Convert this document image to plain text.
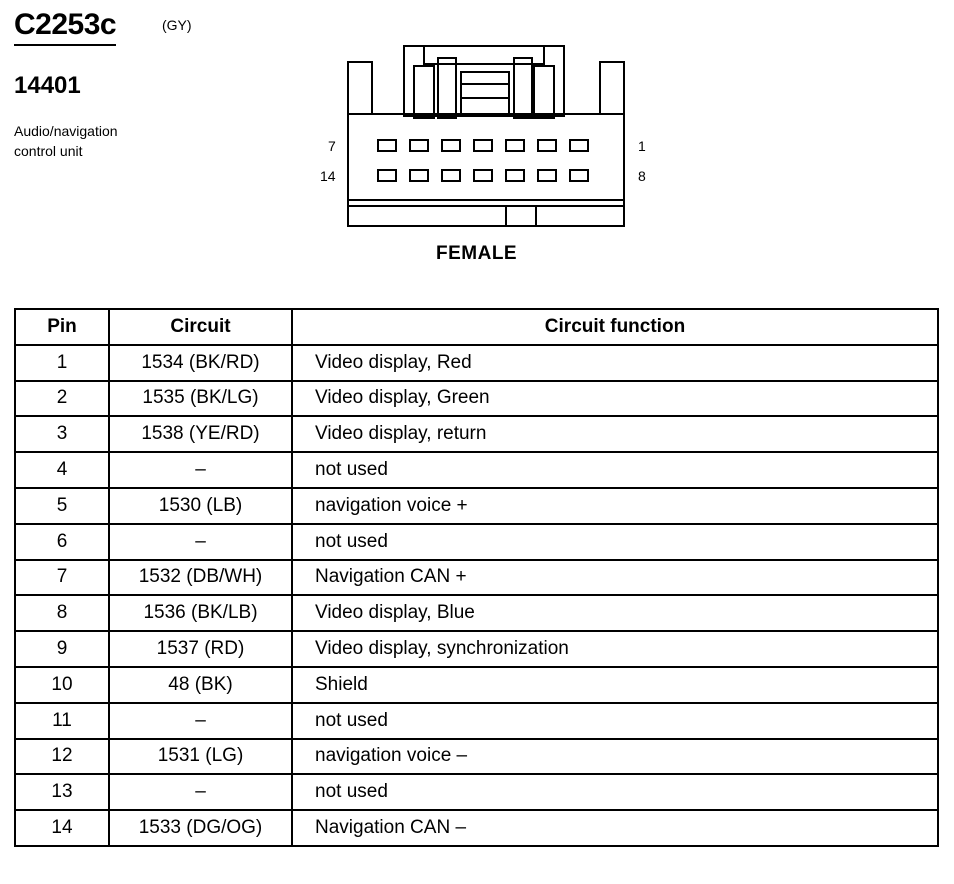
C2253c	(GY)
14401
Audio/navigation
control unit	7
14
1
8
FEMALE
Pin	Circuit	Circuit function
1	1534 (BK/RD)	Video display, Red
2	1535 (BK/LG)	Video display, Green
3	1538 (YE/RD)	Video display, return
4	–	not used
5	1530 (LB)	navigation voice +
6	–	not used
7	1532 (DB/WH)	Navigation CAN +
8	1536 (BK/LB)	Video display, Blue
9	1537 (RD)	Video display, synchronization
10	48 (BK)	Shield
11	–	not used
12	1531 (LG)	navigation voice –
13	–	not used
14	1533 (DG/OG)	Navigation CAN –
